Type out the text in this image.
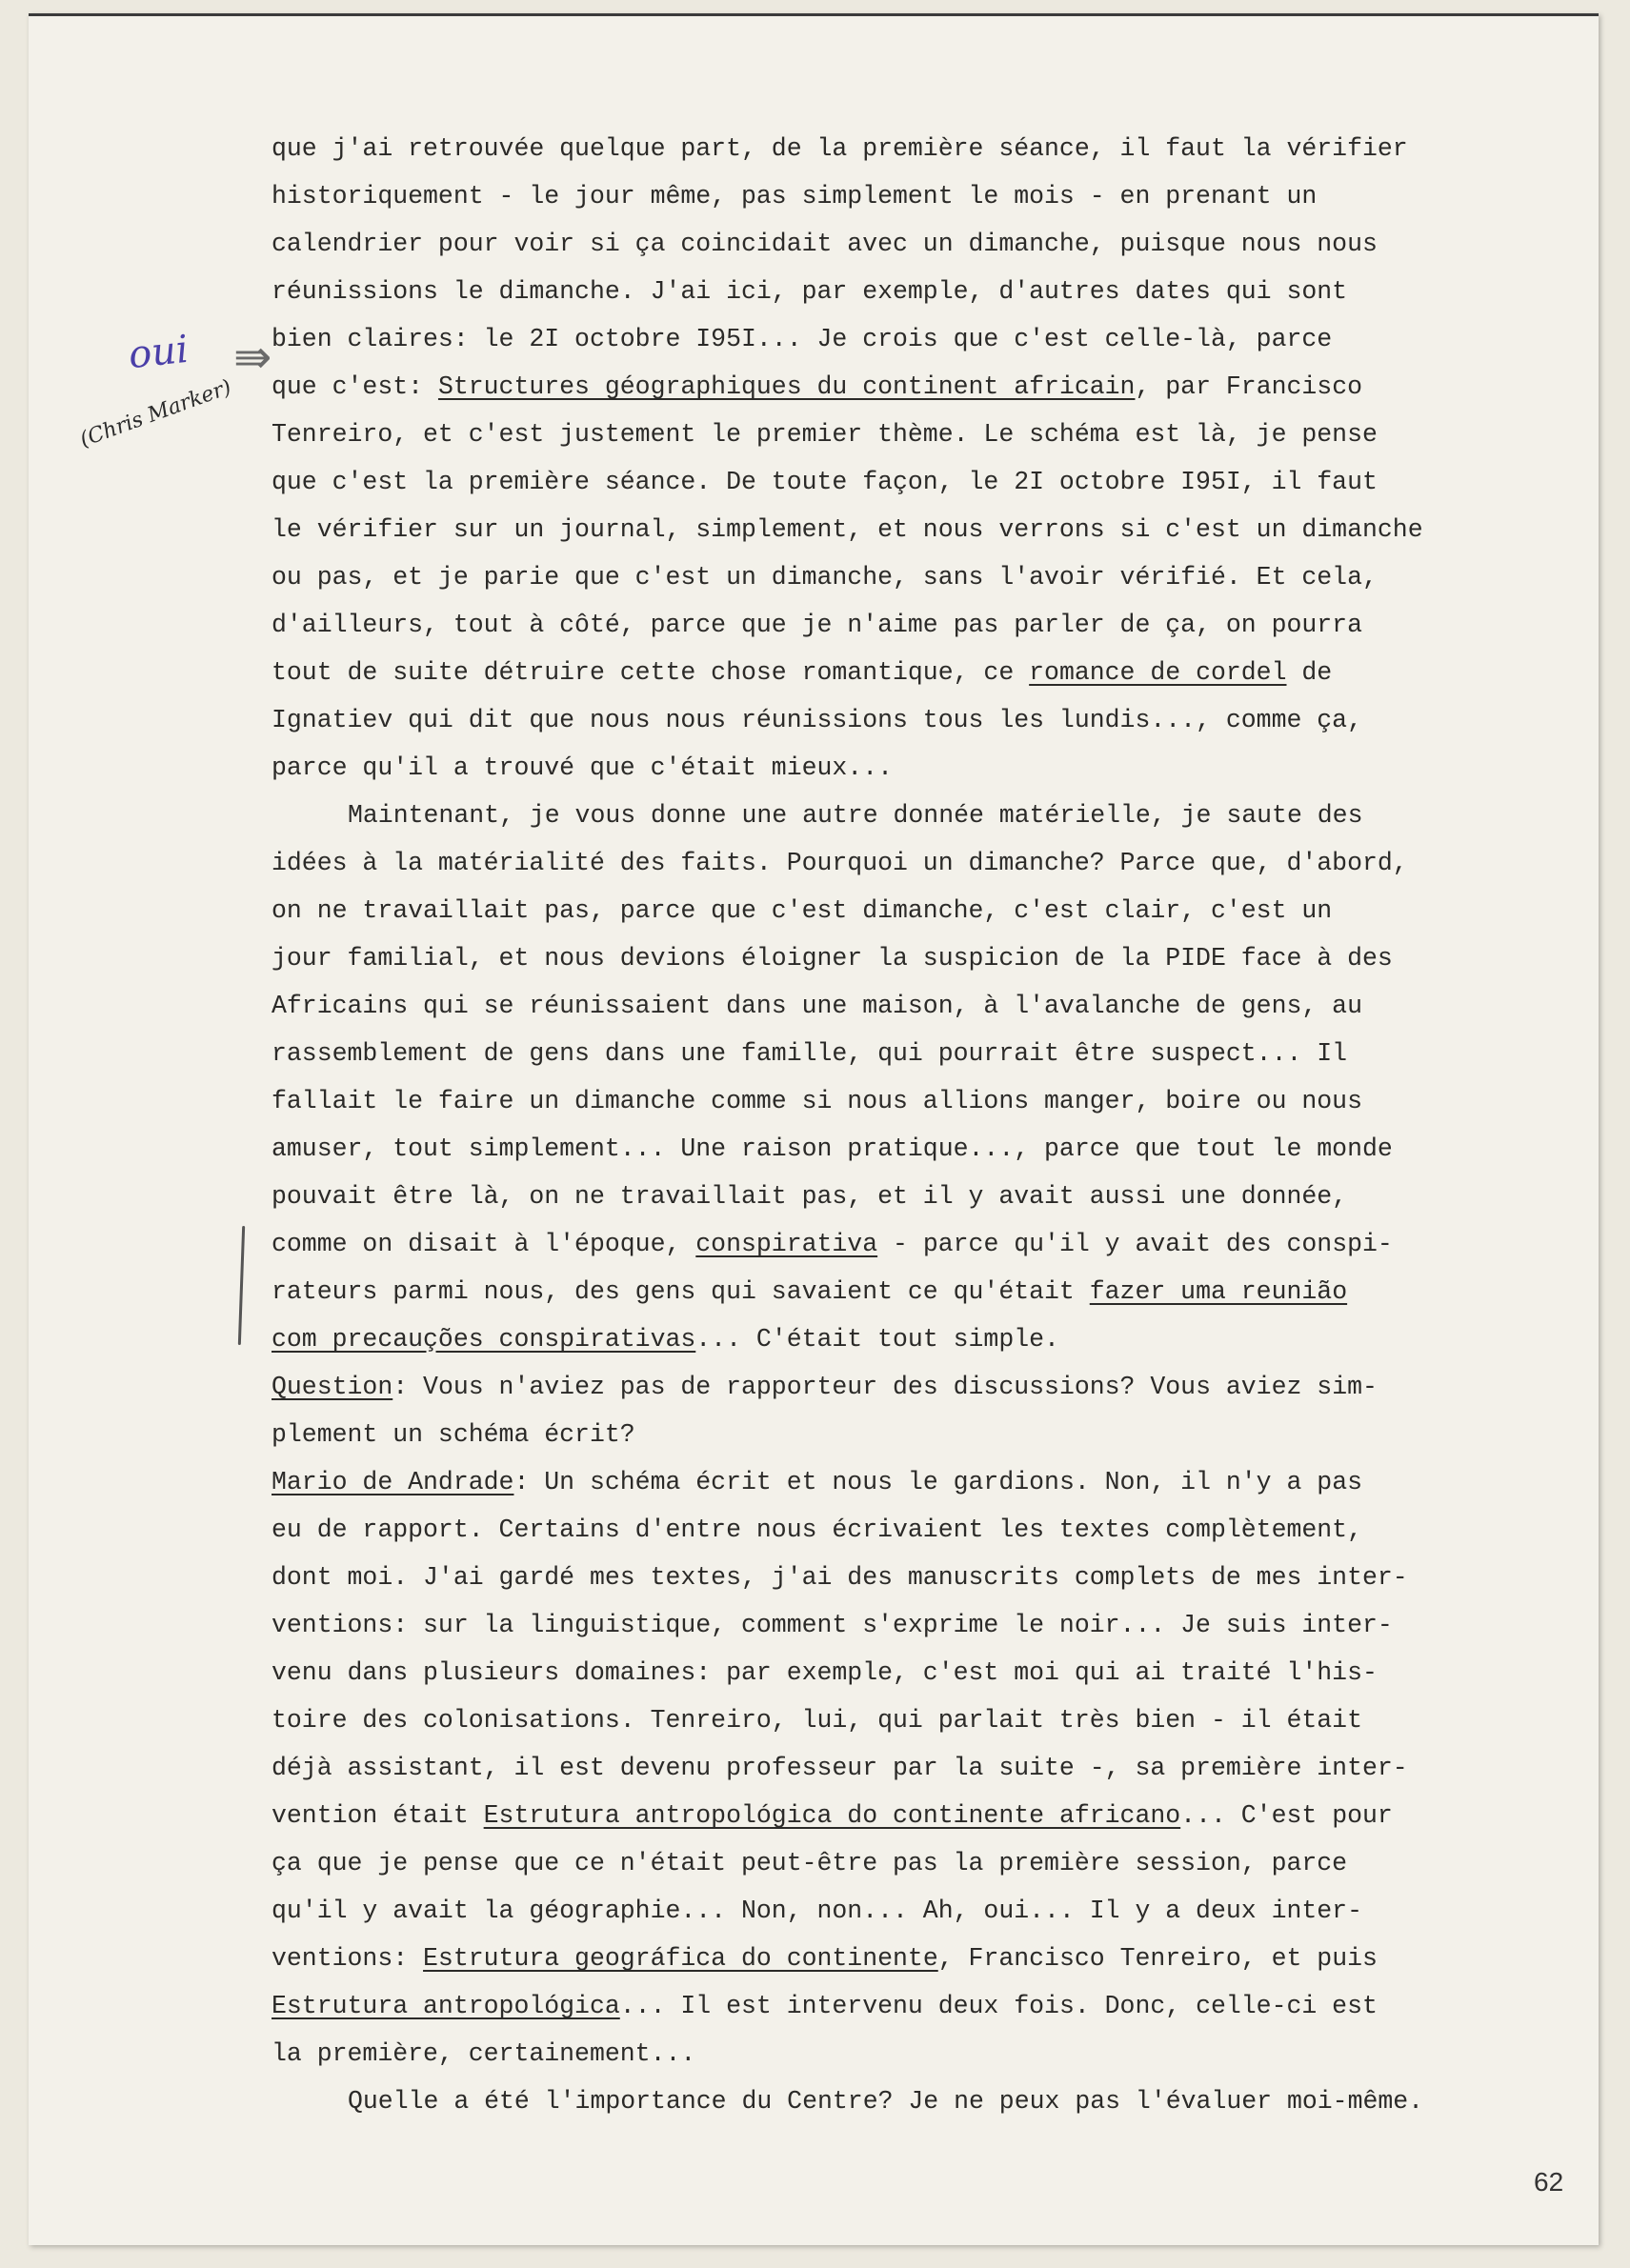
oui
(Chris Marker)
⇛
que j'ai retrouvée quelque part, de la première séance, il faut la vérifier
historiquement - le jour même, pas simplement le mois - en prenant un
calendrier pour voir si ça coincidait avec un dimanche, puisque nous nous
réunissions le dimanche. J'ai ici, par exemple, d'autres dates qui sont
bien claires: le 2I octobre I95I... Je crois que c'est celle-là, parce
que c'est: Structures géographiques du continent africain, par Francisco
Tenreiro, et c'est justement le premier thème. Le schéma est là, je pense
que c'est la première séance. De toute façon, le 2I octobre I95I, il faut
le vérifier sur un journal, simplement, et nous verrons si c'est un dimanche
ou pas, et je parie que c'est un dimanche, sans l'avoir vérifié. Et cela,
d'ailleurs, tout à côté, parce que je n'aime pas parler de ça, on pourra
tout de suite détruire cette chose romantique, ce romance de cordel de
Ignatiev qui dit que nous nous réunissions tous les lundis..., comme ça,
parce qu'il a trouvé que c'était mieux...
Maintenant, je vous donne une autre donnée matérielle, je saute des
idées à la matérialité des faits. Pourquoi un dimanche? Parce que, d'abord,
on ne travaillait pas, parce que c'est dimanche, c'est clair, c'est un
jour familial, et nous devions éloigner la suspicion de la PIDE face à des
Africains qui se réunissaient dans une maison, à l'avalanche de gens, au
rassemblement de gens dans une famille, qui pourrait être suspect... Il
fallait le faire un dimanche comme si nous allions manger, boire ou nous
amuser, tout simplement... Une raison pratique..., parce que tout le monde
pouvait être là, on ne travaillait pas, et il y avait aussi une donnée,
comme on disait à l'époque, conspirativa - parce qu'il y avait des conspi-
rateurs parmi nous, des gens qui savaient ce qu'était fazer uma reunião
com precauções conspirativas... C'était tout simple.
Question: Vous n'aviez pas de rapporteur des discussions? Vous aviez sim-
plement un schéma écrit?
Mario de Andrade: Un schéma écrit et nous le gardions. Non, il n'y a pas
eu de rapport. Certains d'entre nous écrivaient les textes complètement,
dont moi. J'ai gardé mes textes, j'ai des manuscrits complets de mes inter-
ventions: sur la linguistique, comment s'exprime le noir... Je suis inter-
venu dans plusieurs domaines: par exemple, c'est moi qui ai traité l'his-
toire des colonisations. Tenreiro, lui, qui parlait très bien - il était
déjà assistant, il est devenu professeur par la suite -, sa première inter-
vention était Estrutura antropológica do continente africano... C'est pour
ça que je pense que ce n'était peut-être pas la première session, parce
qu'il y avait la géographie... Non, non... Ah, oui... Il y a deux inter-
ventions: Estrutura geográfica do continente, Francisco Tenreiro, et puis
Estrutura antropológica... Il est intervenu deux fois. Donc, celle-ci est
la première, certainement...
Quelle a été l'importance du Centre? Je ne peux pas l'évaluer moi-même.
62
